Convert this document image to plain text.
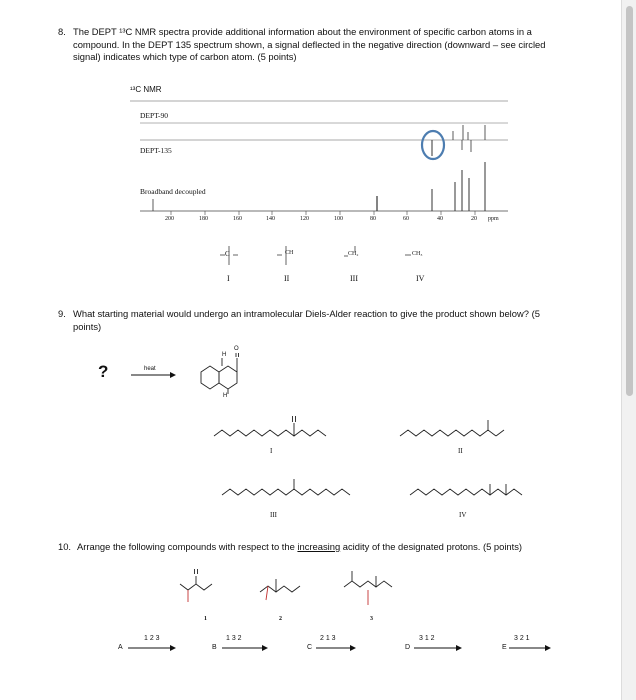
8. The DEPT ¹³C NMR spectra provide additional information about the environment of specific carbon atoms in a compound. In the DEPT 135 spectrum shown, a signal deflected in the negative direction (downward – see circled signal) indicates which type of carbon atom. (5 points)
¹³C NMR
DEPT-90
DEPT-135
Broadband decoupled
200	180	160	140	120	100	80	60	40	20 ppm
C	CH	CH₂	CH₃
I	II	III	IV
9. What starting material would undergo an intramolecular Diels-Alder reaction to give the product shown below? (5 points)
?	heat
H
O
H
I	II
III	IV
10. Arrange the following compounds with respect to the increasing acidity of the designated protons. (5 points)
1	2	3
1 2 3
A
1 3 2
B
2 1 3
C
3 1 2
D
3 2 1
E
